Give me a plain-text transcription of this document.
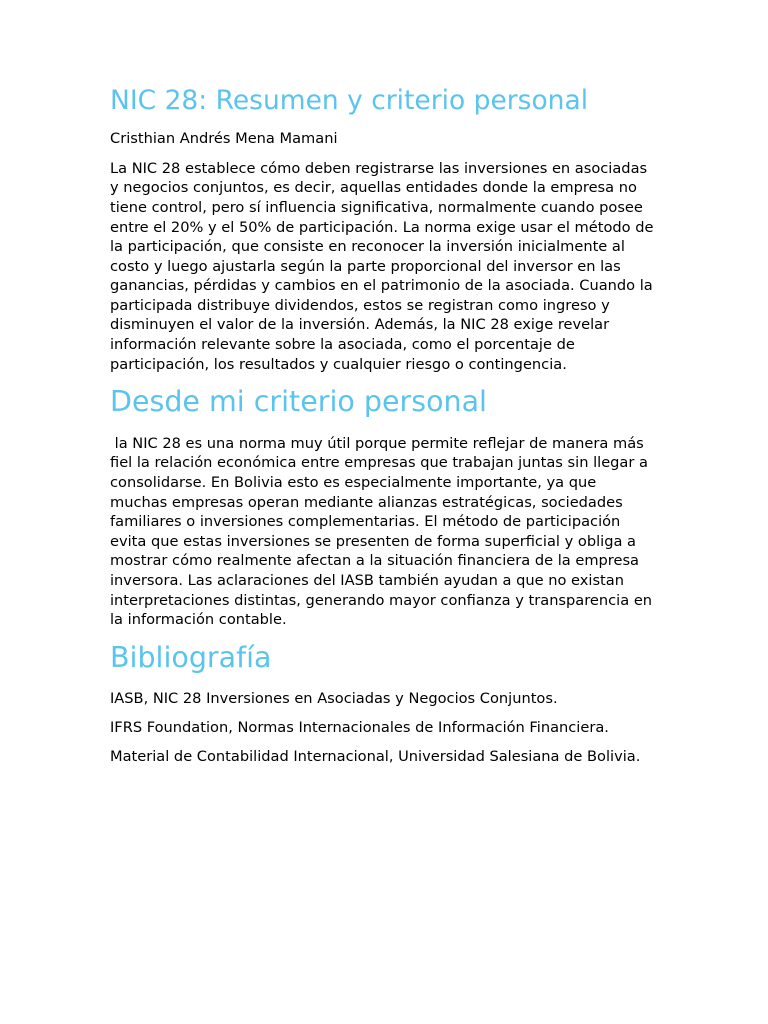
NIC 28: Resumen y criterio personal

Cristhian Andrés Mena Mamani

La NIC 28 establece cómo deben registrarse las inversiones en asociadas y negocios conjuntos, es decir, aquellas entidades donde la empresa no tiene control, pero sí influencia significativa, normalmente cuando posee entre el 20% y el 50% de participación. La norma exige usar el método de la participación, que consiste en reconocer la inversión inicialmente al costo y luego ajustarla según la parte proporcional del inversor en las ganancias, pérdidas y cambios en el patrimonio de la asociada. Cuando la participada distribuye dividendos, estos se registran como ingreso y disminuyen el valor de la inversión. Además, la NIC 28 exige revelar información relevante sobre la asociada, como el porcentaje de participación, los resultados y cualquier riesgo o contingencia.

Desde mi criterio personal

la NIC 28 es una norma muy útil porque permite reflejar de manera más fiel la relación económica entre empresas que trabajan juntas sin llegar a consolidarse. En Bolivia esto es especialmente importante, ya que muchas empresas operan mediante alianzas estratégicas, sociedades familiares o inversiones complementarias. El método de participación evita que estas inversiones se presenten de forma superficial y obliga a mostrar cómo realmente afectan a la situación financiera de la empresa inversora. Las aclaraciones del IASB también ayudan a que no existan interpretaciones distintas, generando mayor confianza y transparencia en la información contable.

Bibliografía

IASB, NIC 28 Inversiones en Asociadas y Negocios Conjuntos.

IFRS Foundation, Normas Internacionales de Información Financiera.

Material de Contabilidad Internacional, Universidad Salesiana de Bolivia.
